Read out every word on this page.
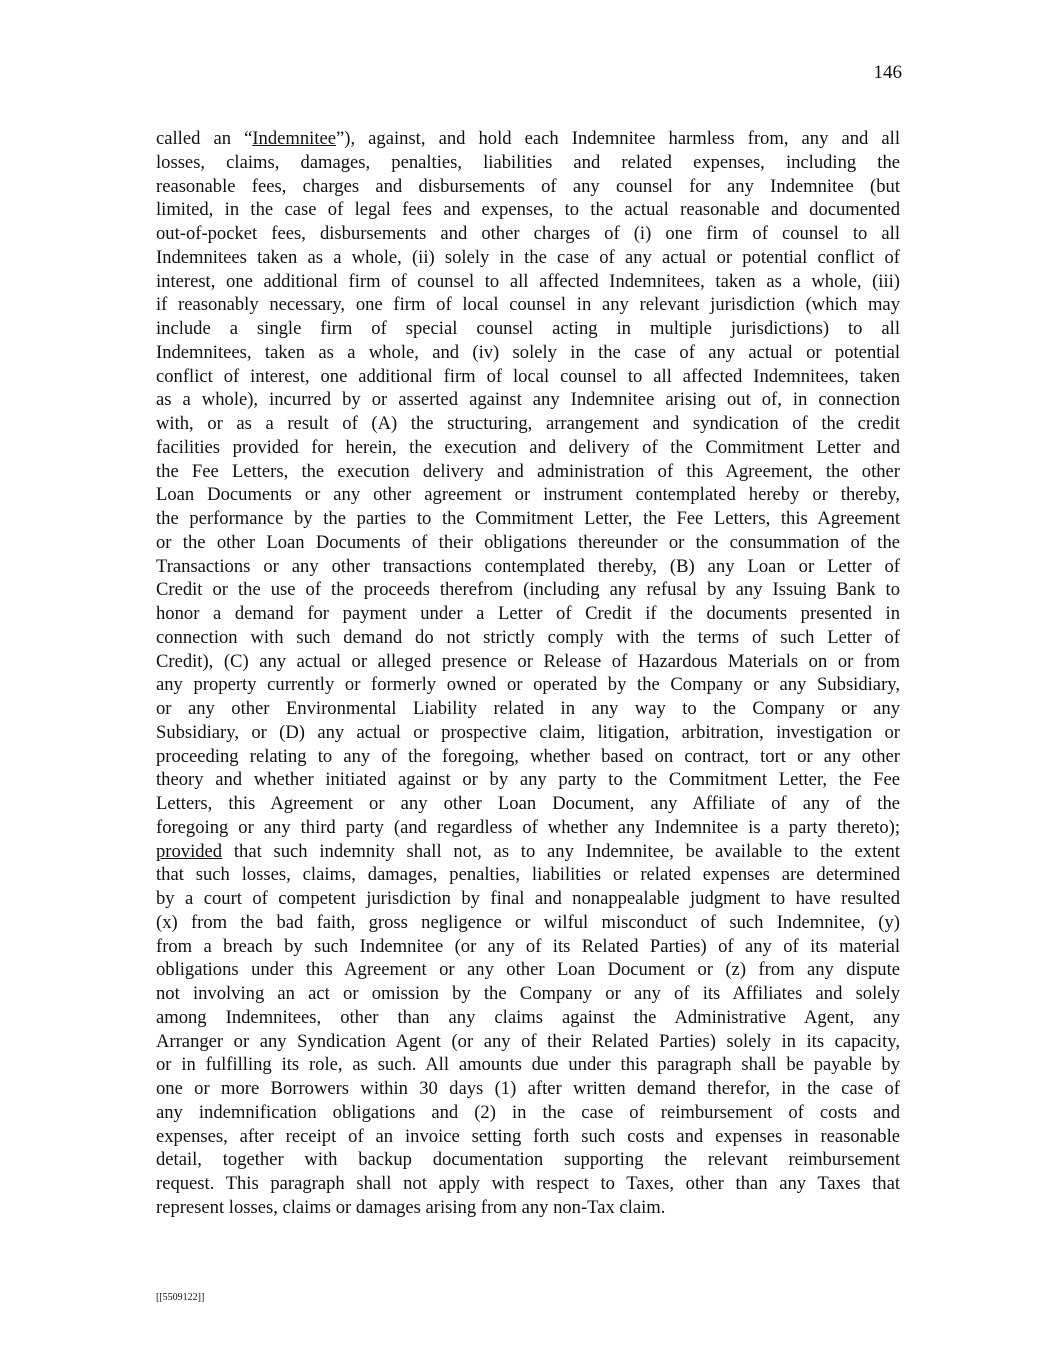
146
called an “Indemnitee”), against, and hold each Indemnitee harmless from, any and all
losses, claims, damages, penalties, liabilities and related expenses, including the
reasonable fees, charges and disbursements of any counsel for any Indemnitee (but
limited, in the case of legal fees and expenses, to the actual reasonable and documented
out-of-pocket fees, disbursements and other charges of (i) one firm of counsel to all
Indemnitees taken as a whole, (ii) solely in the case of any actual or potential conflict of
interest, one additional firm of counsel to all affected Indemnitees, taken as a whole, (iii)
if reasonably necessary, one firm of local counsel in any relevant jurisdiction (which may
include a single firm of special counsel acting in multiple jurisdictions) to all
Indemnitees, taken as a whole, and (iv) solely in the case of any actual or potential
conflict of interest, one additional firm of local counsel to all affected Indemnitees, taken
as a whole), incurred by or asserted against any Indemnitee arising out of, in connection
with, or as a result of (A) the structuring, arrangement and syndication of the credit
facilities provided for herein, the execution and delivery of the Commitment Letter and
the Fee Letters, the execution delivery and administration of this Agreement, the other
Loan Documents or any other agreement or instrument contemplated hereby or thereby,
the performance by the parties to the Commitment Letter, the Fee Letters, this Agreement
or the other Loan Documents of their obligations thereunder or the consummation of the
Transactions or any other transactions contemplated thereby, (B) any Loan or Letter of
Credit or the use of the proceeds therefrom (including any refusal by any Issuing Bank to
honor a demand for payment under a Letter of Credit if the documents presented in
connection with such demand do not strictly comply with the terms of such Letter of
Credit), (C) any actual or alleged presence or Release of Hazardous Materials on or from
any property currently or formerly owned or operated by the Company or any Subsidiary,
or any other Environmental Liability related in any way to the Company or any
Subsidiary, or (D) any actual or prospective claim, litigation, arbitration, investigation or
proceeding relating to any of the foregoing, whether based on contract, tort or any other
theory and whether initiated against or by any party to the Commitment Letter, the Fee
Letters, this Agreement or any other Loan Document, any Affiliate of any of the
foregoing or any third party (and regardless of whether any Indemnitee is a party thereto);
provided that such indemnity shall not, as to any Indemnitee, be available to the extent
that such losses, claims, damages, penalties, liabilities or related expenses are determined
by a court of competent jurisdiction by final and nonappealable judgment to have resulted
(x) from the bad faith, gross negligence or wilful misconduct of such Indemnitee, (y)
from a breach by such Indemnitee (or any of its Related Parties) of any of its material
obligations under this Agreement or any other Loan Document or (z) from any dispute
not involving an act or omission by the Company or any of its Affiliates and solely
among Indemnitees, other than any claims against the Administrative Agent, any
Arranger or any Syndication Agent (or any of their Related Parties) solely in its capacity,
or in fulfilling its role, as such. All amounts due under this paragraph shall be payable by
one or more Borrowers within 30 days (1) after written demand therefor, in the case of
any indemnification obligations and (2) in the case of reimbursement of costs and
expenses, after receipt of an invoice setting forth such costs and expenses in reasonable
detail, together with backup documentation supporting the relevant reimbursement
request. This paragraph shall not apply with respect to Taxes, other than any Taxes that
represent losses, claims or damages arising from any non-Tax claim.
[[5509122]]
